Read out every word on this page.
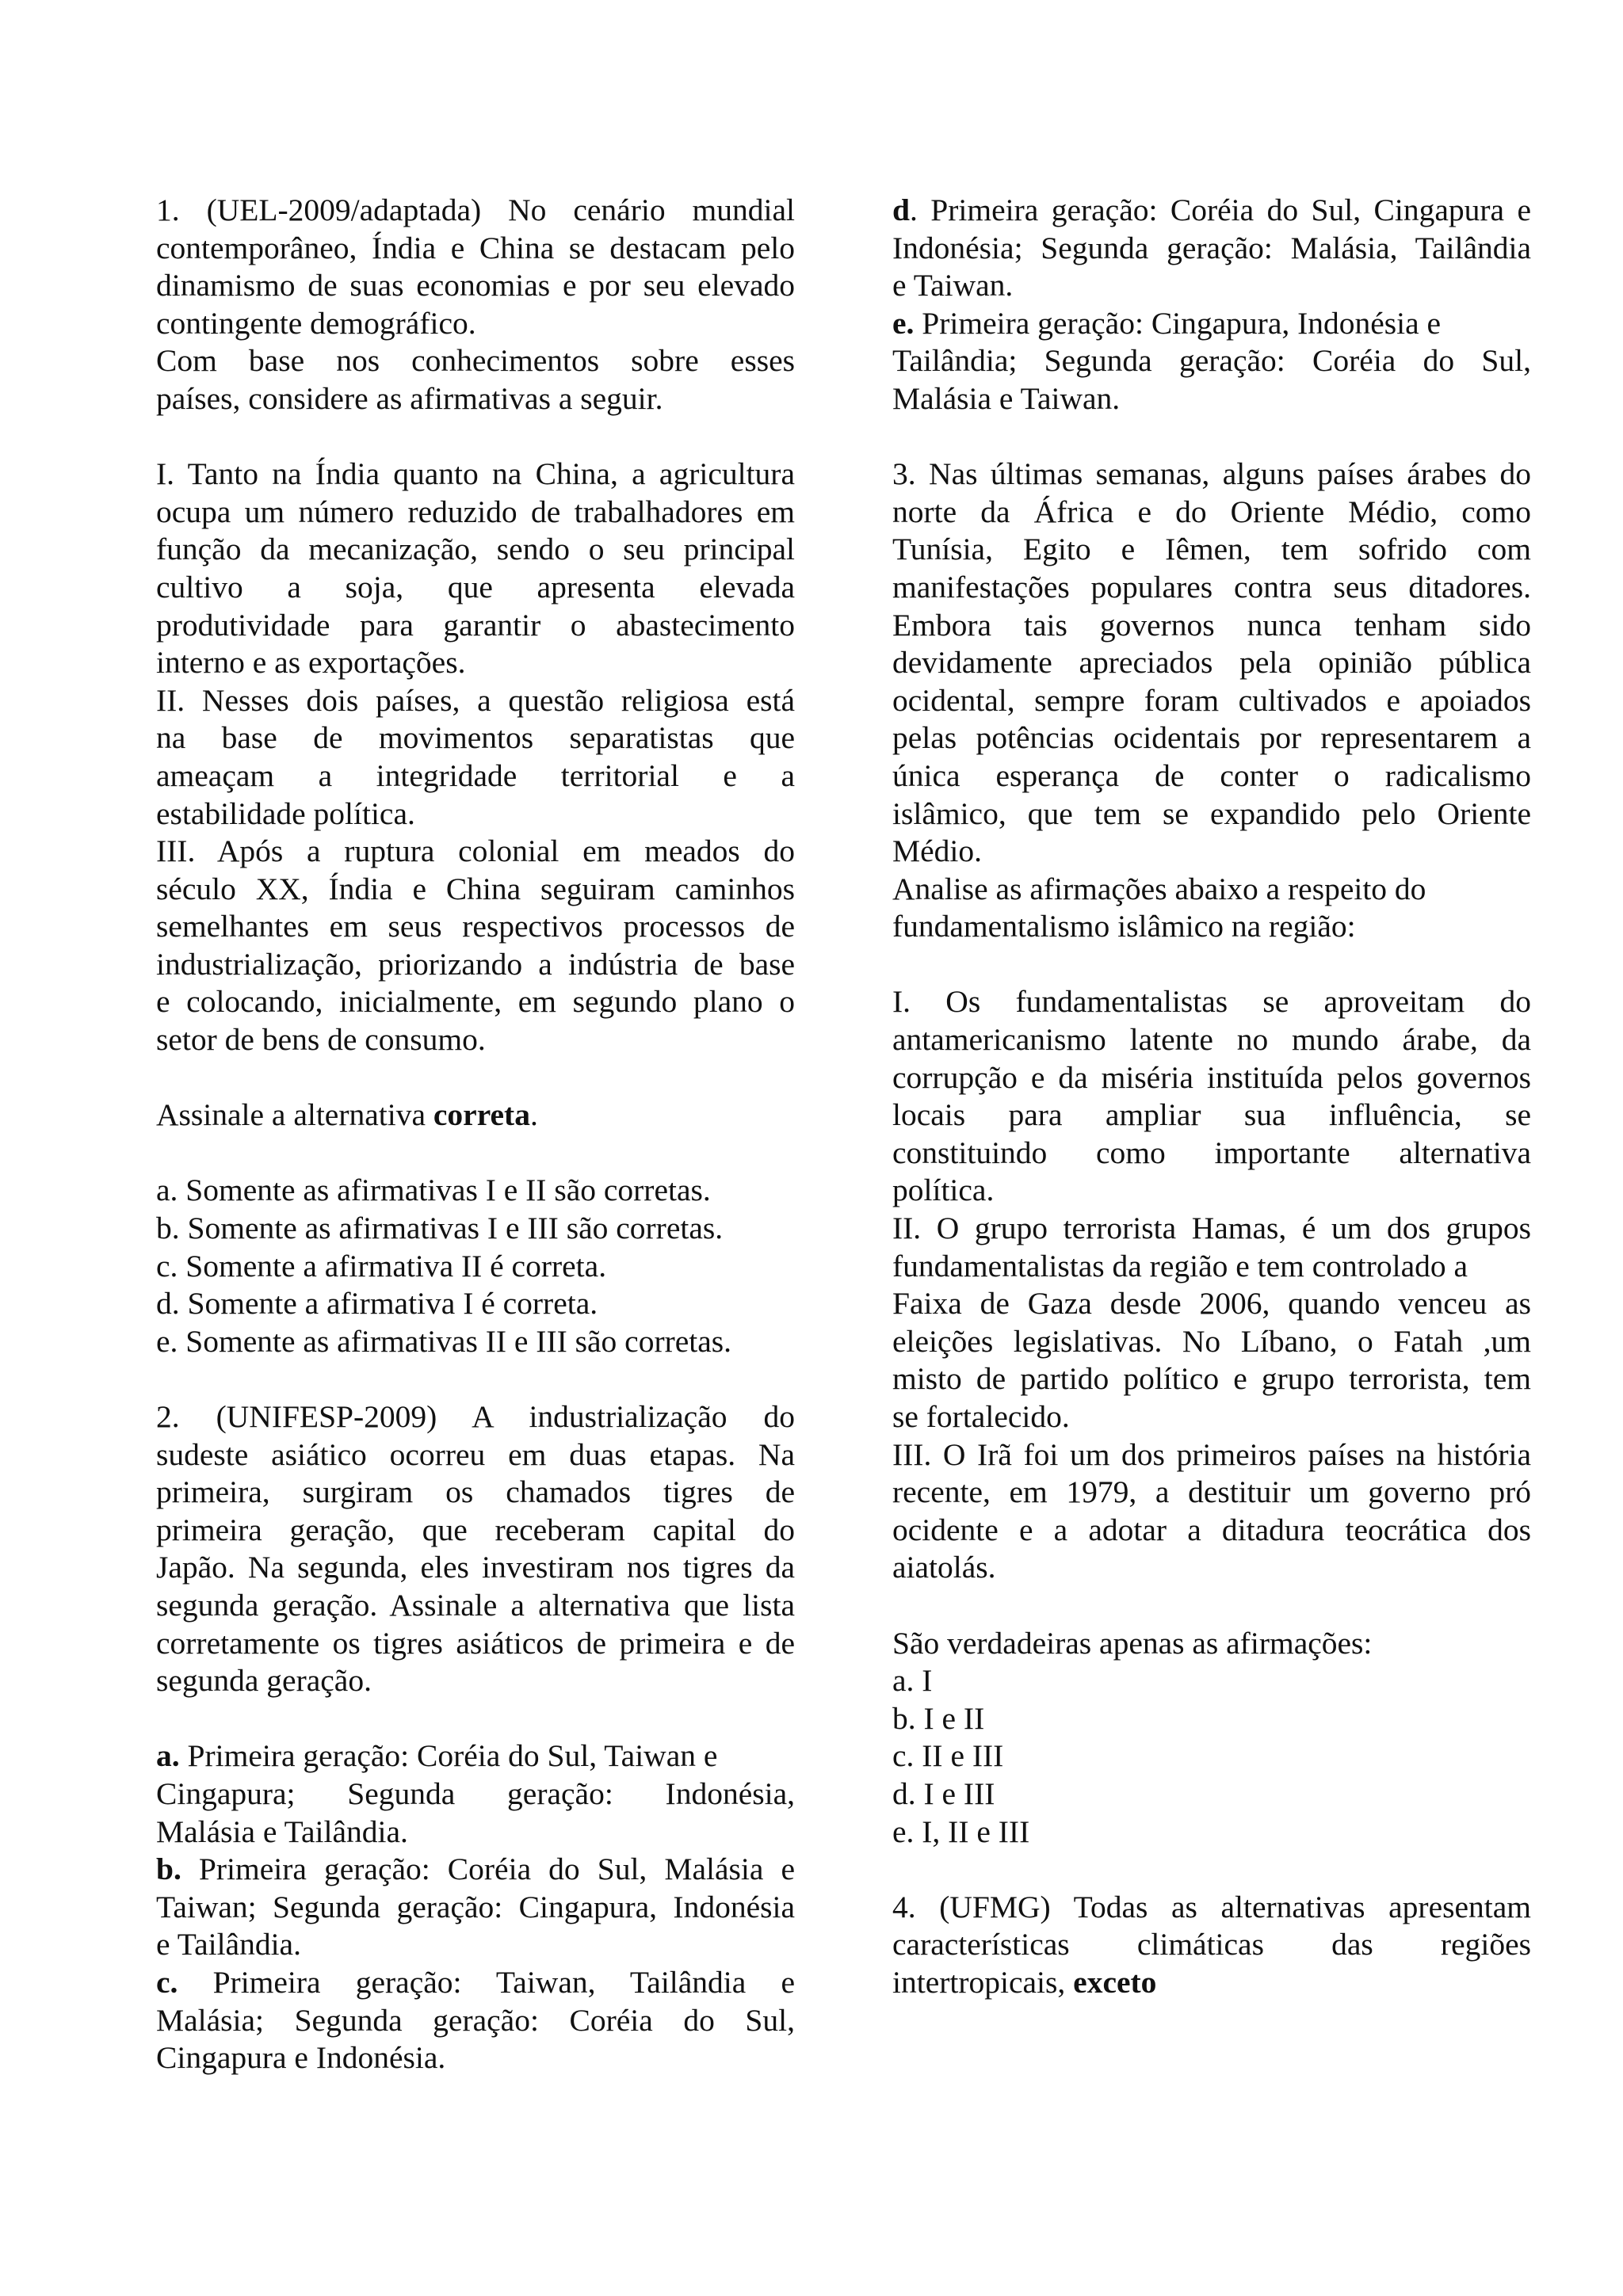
1. (UEL-2009/adaptada) No cenário mundial

contemporâneo, Índia e China se destacam pelo

dinamismo de suas economias e por seu elevado

contingente demográfico.

Com base nos conhecimentos sobre esses

países, considere as afirmativas a seguir.

I. Tanto na Índia quanto na China, a agricultura

ocupa um número reduzido de trabalhadores em

função da mecanização, sendo o seu principal

cultivo a soja, que apresenta elevada

produtividade para garantir o abastecimento

interno e as exportações.

II. Nesses dois países, a questão religiosa está

na base de movimentos separatistas que

ameaçam a integridade territorial e a

estabilidade política.

III. Após a ruptura colonial em meados do

século XX, Índia e China seguiram caminhos

semelhantes em seus respectivos processos de

industrialização, priorizando a indústria de base

e colocando, inicialmente, em segundo plano o

setor de bens de consumo.

Assinale a alternativa correta.

a. Somente as afirmativas I e II são corretas.

b. Somente as afirmativas I e III são corretas.

c. Somente a afirmativa II é correta.

d. Somente a afirmativa I é correta.

e. Somente as afirmativas II e III são corretas.

2. (UNIFESP-2009) A industrialização do

sudeste asiático ocorreu em duas etapas. Na

primeira, surgiram os chamados tigres de

primeira geração, que receberam capital do

Japão. Na segunda, eles investiram nos tigres da

segunda geração. Assinale a alternativa que lista

corretamente os tigres asiáticos de primeira e de

segunda geração.

a. Primeira geração: Coréia do Sul, Taiwan e

Cingapura; Segunda geração: Indonésia,

Malásia e Tailândia.

b. Primeira geração: Coréia do Sul, Malásia e

Taiwan; Segunda geração: Cingapura, Indonésia

e Tailândia.

c. Primeira geração: Taiwan, Tailândia e

Malásia; Segunda geração: Coréia do Sul,

Cingapura e Indonésia.

d. Primeira geração: Coréia do Sul, Cingapura e

Indonésia; Segunda geração: Malásia, Tailândia

e Taiwan.

e. Primeira geração: Cingapura, Indonésia e

Tailândia; Segunda geração: Coréia do Sul,

Malásia e Taiwan.

3. Nas últimas semanas, alguns países árabes do

norte da África e do Oriente Médio, como

Tunísia, Egito e Iêmen, tem sofrido com

manifestações populares contra seus ditadores.

Embora tais governos nunca tenham sido

devidamente apreciados pela opinião pública

ocidental, sempre foram cultivados e apoiados

pelas potências ocidentais por representarem a

única esperança de conter o radicalismo

islâmico, que tem se expandido pelo Oriente

Médio.

Analise as afirmações abaixo a respeito do

fundamentalismo islâmico na região:

I. Os fundamentalistas se aproveitam do

antamericanismo latente no mundo árabe, da

corrupção e da miséria instituída pelos governos

locais para ampliar sua influência, se

constituindo como importante alternativa

política.

II. O grupo terrorista Hamas, é um dos grupos

fundamentalistas da região e tem controlado a

Faixa de Gaza desde 2006, quando venceu as

eleições legislativas. No Líbano, o Fatah ,um

misto de partido político e grupo terrorista, tem

se fortalecido.

III. O Irã foi um dos primeiros países na história

recente, em 1979, a destituir um governo pró

ocidente e a adotar a ditadura teocrática dos

aiatolás.

São verdadeiras apenas as afirmações:

a. I

b. I e II

c. II e III

d. I e III

e. I, II e III

4. (UFMG) Todas as alternativas apresentam

características climáticas das regiões

intertropicais, exceto
